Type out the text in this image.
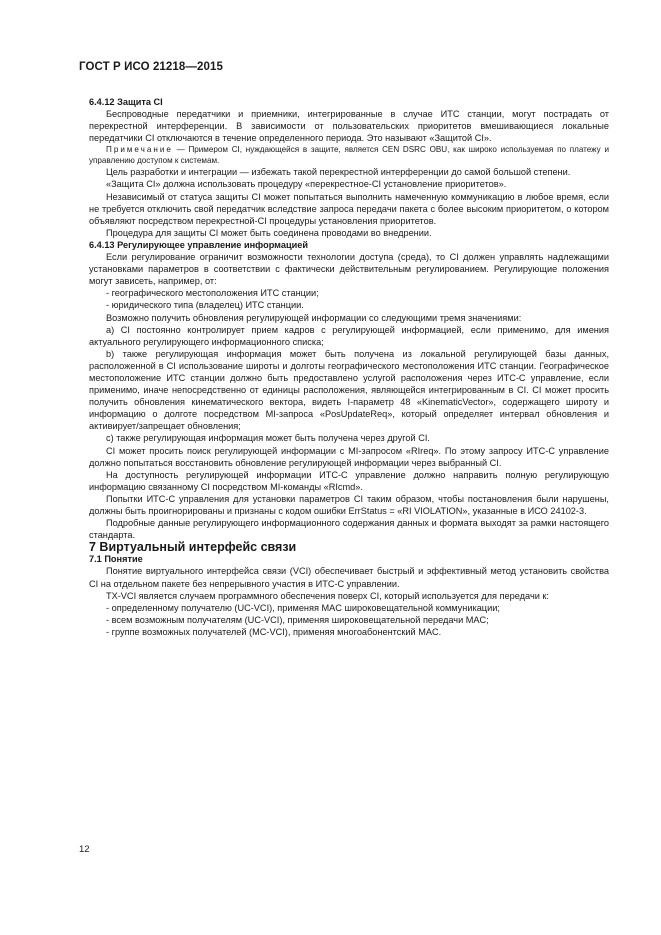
ГОСТ Р ИСО 21218—2015

6.4.12 Защита CI

Беспроводные передатчики и приемники, интегрированные в случае ИТС станции, могут пострадать от перекрестной интерференции. В зависимости от пользовательских приоритетов вмешивающиеся локальные передатчики CI отключаются в течение определенного периода. Это называют «Защитой CI».

Примечание — Примером CI, нуждающейся в защите, является CEN DSRC OBU, как широко используемая по платежу и управлению доступом к системам.

Цель разработки и интеграции — избежать такой перекрестной интерференции до самой большой степени.

«Защита CI» должна использовать процедуру «перекрестное-CI установление приоритетов».

Независимый от статуса защиты CI может попытаться выполнить намеченную коммуникацию в любое время, если не требуется отключить свой передатчик вследствие запроса передачи пакета с более высоким приоритетом, о котором объявляют посредством перекрестной-CI процедуры установления приоритетов.

Процедура для защиты CI может быть соединена проводами во внедрении.

6.4.13 Регулирующее управление информацией

Если регулирование ограничит возможности технологии доступа (среда), то CI должен управлять надлежащими установками параметров в соответствии с фактически действительным регулированием. Регулирующие положения могут зависеть, например, от:

- географического местоположения ИТС станции;

- юридического типа (владелец) ИТС станции.

Возможно получить обновления регулирующей информации со следующими тремя значениями:

а) CI постоянно контролирует прием кадров с регулирующей информацией, если применимо, для имения актуального регулирующего информационного списка;

b) также регулирующая информация может быть получена из локальной регулирующей базы данных, расположенной в CI использование широты и долготы географического местоположения ИТС станции. Географическое местоположение ИТС станции должно быть предоставлено услугой расположения через ИТС-С управление, если применимо, иначе непосредственно от единицы расположения, являющейся интегрированным в CI. CI может просить получить обновления кинематического вектора, видеть I-параметр 48 «KinematicVector», содержащего широту и информацию о долготе посредством MI-запроса «PosUpdateReq», который определяет интервал обновления и активирует/запрещает обновления;

c) также регулирующая информация может быть получена через другой CI.

CI может просить поиск регулирующей информации с MI-запросом «RIreq». По этому запросу ИТС-С управление должно попытаться восстановить обновление регулирующей информации через выбранный CI.

На доступность регулирующей информации ИТС-С управление должно направить полную регулирующую информацию связанному CI посредством MI-команды «RIcmd».

Попытки ИТС-С управления для установки параметров CI таким образом, чтобы постановления были нарушены, должны быть проигнорированы и признаны с кодом ошибки ErrStatus = «RI VIOLATION», указанные в ИСО 24102-3.

Подробные данные регулирующего информационного содержания данных и формата выходят за рамки настоящего стандарта.

7 Виртуальный интерфейс связи

7.1 Понятие

Понятие виртуального интерфейса связи (VCI) обеспечивает быстрый и эффективный метод установить свойства CI на отдельном пакете без непрерывного участия в ИТС-С управлении.

TX-VCI является случаем программного обеспечения поверх CI, который используется для передачи к:

- определенному получателю (UC-VCI), применяя MAC широковещательной коммуникации;

- всем возможным получателям (UC-VCI), применяя широковещательной передачи MAC;

- группе возможных получателей (MC-VCI), применяя многоабонентский MAC.

12
